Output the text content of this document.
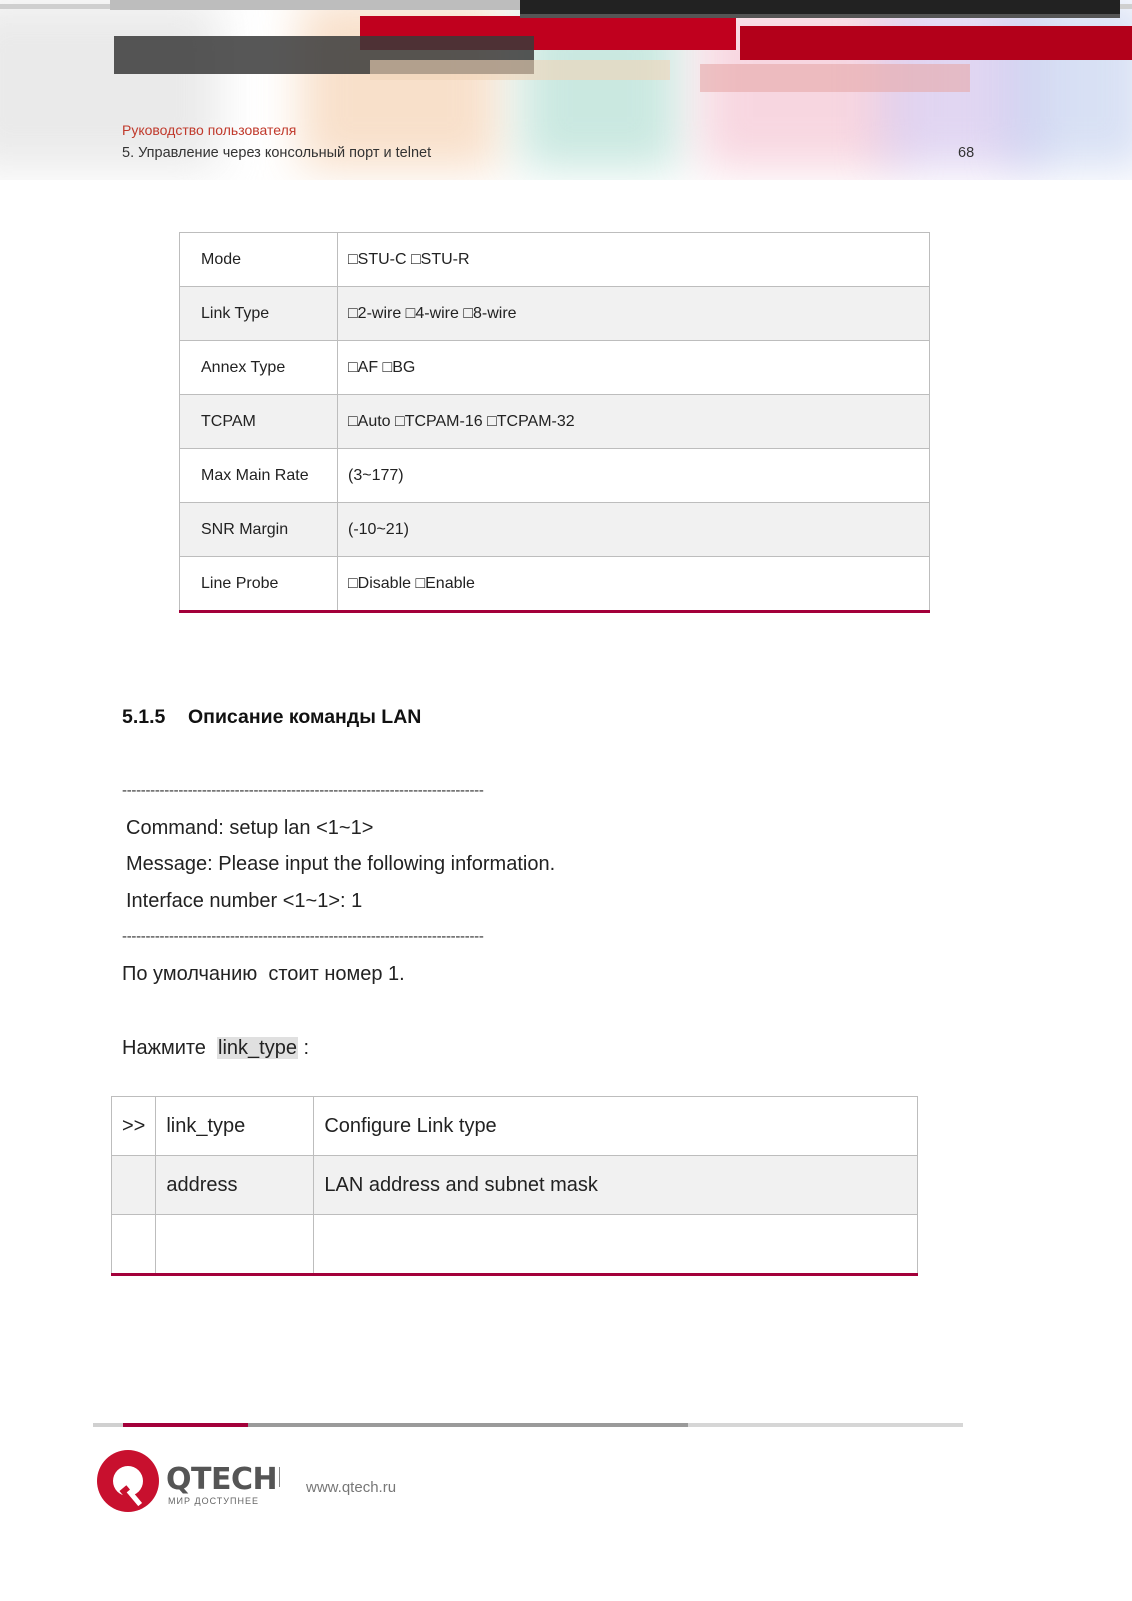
Руководство пользователя
5. Управление через консольный порт и telnet	68
Mode	□STU-C □STU-R
Link Type	□2-wire □4-wire □8-wire
Annex Type	□AF □BG
TCPAM	□Auto □TCPAM-16 □TCPAM-32
Max Main Rate	(3~177)
SNR Margin	(-10~21)
Line Probe	□Disable □Enable
5.1.5 Описание команды LAN
-----------------------------------------------------------------------------
Command: setup lan <1~1>
Message: Please input the following information.
Interface number <1~1>: 1
-----------------------------------------------------------------------------
По умолчанию  стоит номер 1.
Нажмите  link_type :
>>	link_type	Configure Link type
	address	LAN address and subnet mask

QTECH
МИР ДОСТУПНЕЕ
www.qtech.ru
